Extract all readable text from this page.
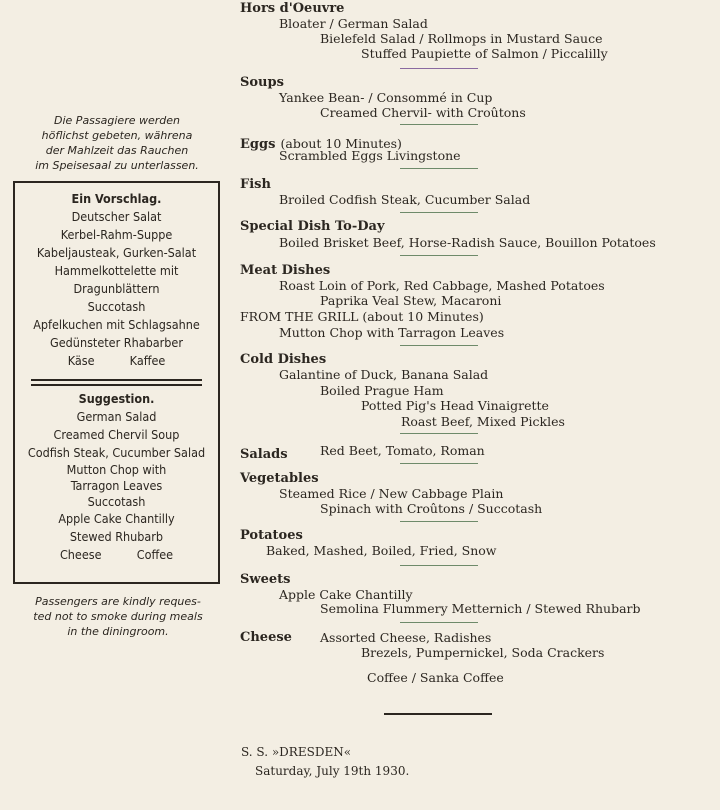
Die Passagiere werden
höflichst gebeten, währena
der Mahlzeit das Rauchen
im Speisesaal zu unterlassen.
Ein Vorschlag.
Deutscher Salat
Kerbel-Rahm-Suppe
Kabeljausteak, Gurken-Salat
Hammelkottelette mit
Dragunblättern
Succotash
Apfelkuchen mit Schlagsahne
Gedünsteter Rhabarber
Käse	Kaffee
Suggestion.
German Salad
Creamed Chervil Soup
Codfish Steak, Cucumber Salad
Mutton Chop with
Tarragon Leaves
Succotash
Apple Cake Chantilly
Stewed Rhubarb
Cheese	Coffee
Passengers are kindly reques-
ted not to smoke during meals
in the diningroom.
Hors d'Oeuvre
Bloater / German Salad
Bielefeld Salad / Rollmops in Mustard Sauce
Stuffed Paupiette of Salmon / Piccalilly
Soups
Yankee Bean- / Consommé in Cup
Creamed Chervil- with Croûtons
Eggs (about 10 Minutes)
Scrambled Eggs Livingstone
Fish
Broiled Codfish Steak, Cucumber Salad
Special Dish To-Day
Boiled Brisket Beef, Horse-Radish Sauce, Bouillon Potatoes
Meat Dishes
Roast Loin of Pork, Red Cabbage, Mashed Potatoes
Paprika Veal Stew, Macaroni
FROM THE GRILL (about 10 Minutes)
Mutton Chop with Tarragon Leaves
Cold Dishes
Galantine of Duck, Banana Salad
Boiled Prague Ham
Potted Pig's Head Vinaigrette
Roast Beef, Mixed Pickles
Salads	Red Beet, Tomato, Roman
Vegetables
Steamed Rice / New Cabbage Plain
Spinach with Croûtons / Succotash
Potatoes
Baked, Mashed, Boiled, Fried, Snow
Sweets
Apple Cake Chantilly
Semolina Flummery Metternich / Stewed Rhubarb
Cheese Assorted Cheese, Radishes
Brezels, Pumpernickel, Soda Crackers
Coffee / Sanka Coffee
S. S. »DRESDEN«
Saturday, July 19th 1930.
